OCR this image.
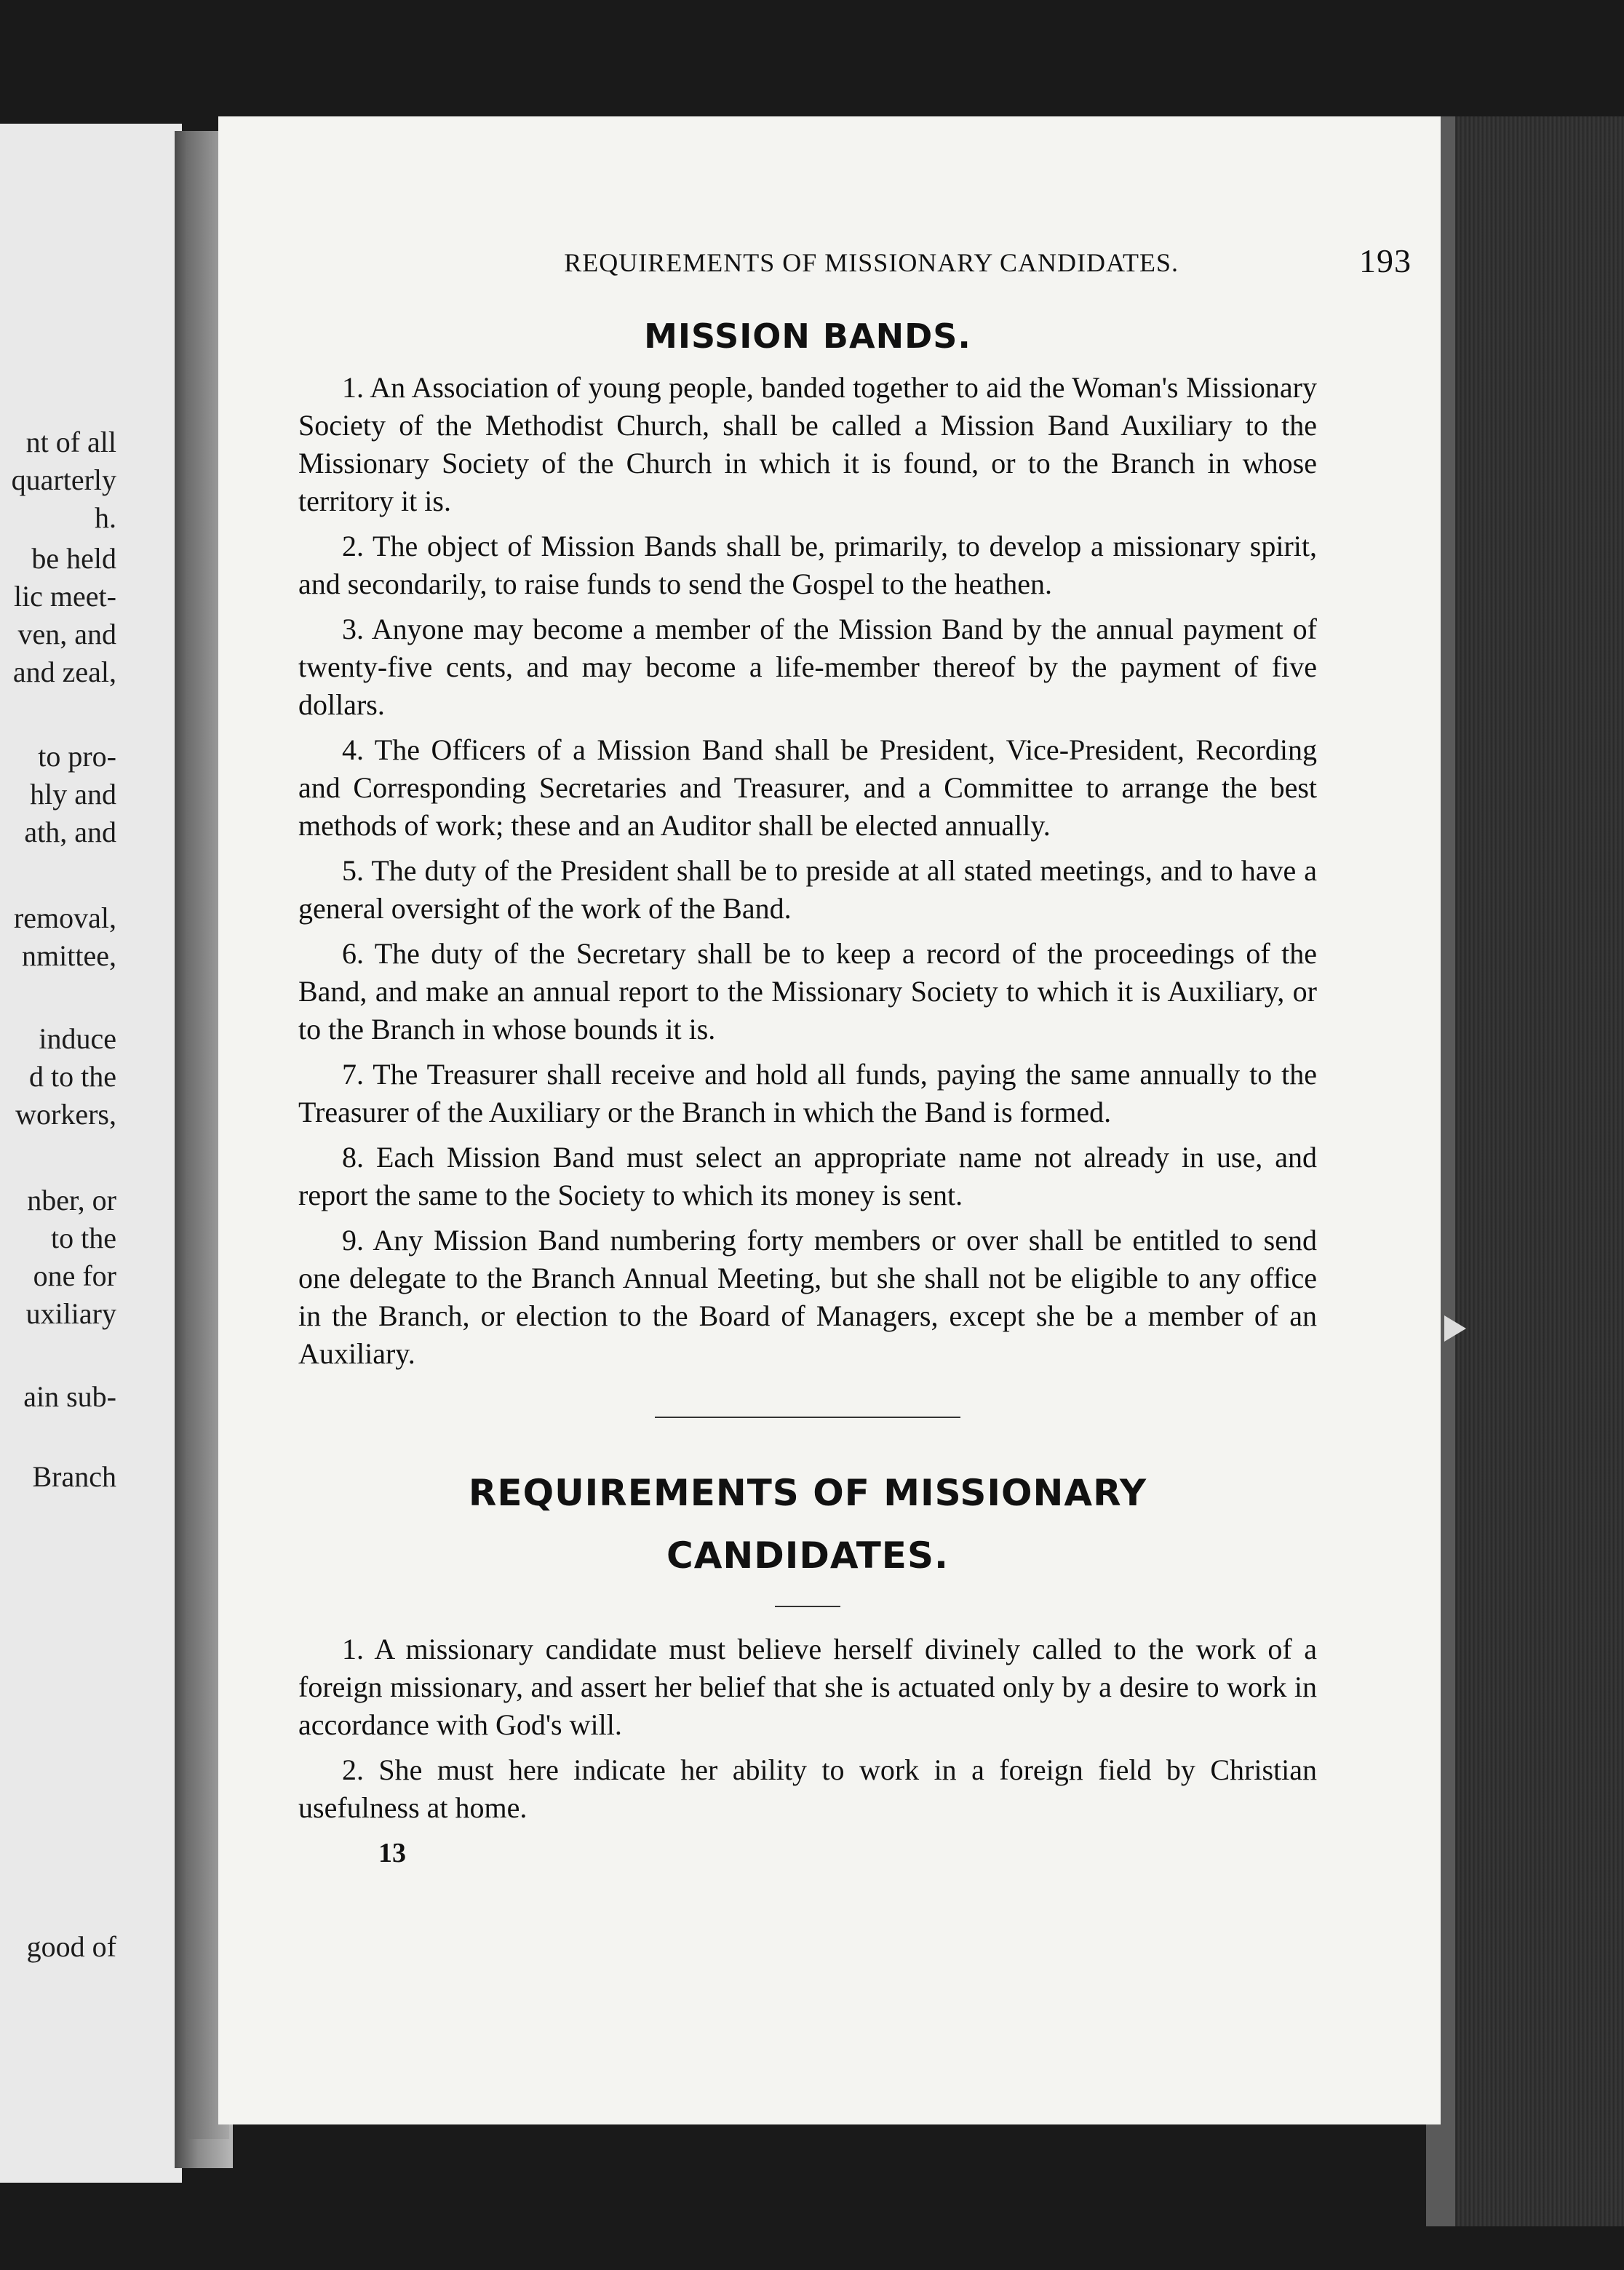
nt of all
quarterly
h.
be held
lic meet-
ven, and
and zeal,
to pro-
hly and
ath, and
removal,
nmittee,
induce
d to the
workers,
nber, or
to the
one for
uxiliary
ain sub-
Branch
good of
REQUIREMENTS OF MISSIONARY CANDIDATES.	193
MISSION BANDS.

1. An Association of young people, banded together to aid the Woman's Missionary Society of the Methodist Church, shall be called a Mission Band Auxiliary to the Missionary Society of the Church in which it is found, or to the Branch in whose territory it is.

2. The object of Mission Bands shall be, primarily, to develop a missionary spirit, and secondarily, to raise funds to send the Gospel to the heathen.

3. Anyone may become a member of the Mission Band by the annual payment of twenty-five cents, and may become a life-member thereof by the payment of five dollars.

4. The Officers of a Mission Band shall be President, Vice-President, Recording and Corresponding Secretaries and Treasurer, and a Committee to arrange the best methods of work; these and an Auditor shall be elected annually.

5. The duty of the President shall be to preside at all stated meetings, and to have a general oversight of the work of the Band.

6. The duty of the Secretary shall be to keep a record of the proceedings of the Band, and make an annual report to the Missionary Society to which it is Auxiliary, or to the Branch in whose bounds it is.

7. The Treasurer shall receive and hold all funds, paying the same annually to the Treasurer of the Auxiliary or the Branch in which the Band is formed.

8. Each Mission Band must select an appropriate name not already in use, and report the same to the Society to which its money is sent.

9. Any Mission Band numbering forty members or over shall be entitled to send one delegate to the Branch Annual Meeting, but she shall not be eligible to any office in the Branch, or election to the Board of Managers, except she be a member of an Auxiliary.

REQUIREMENTS OF MISSIONARY
CANDIDATES.

1. A missionary candidate must believe herself divinely called to the work of a foreign missionary, and assert her belief that she is actuated only by a desire to work in accordance with God's will.

2. She must here indicate her ability to work in a foreign field by Christian usefulness at home.

13
